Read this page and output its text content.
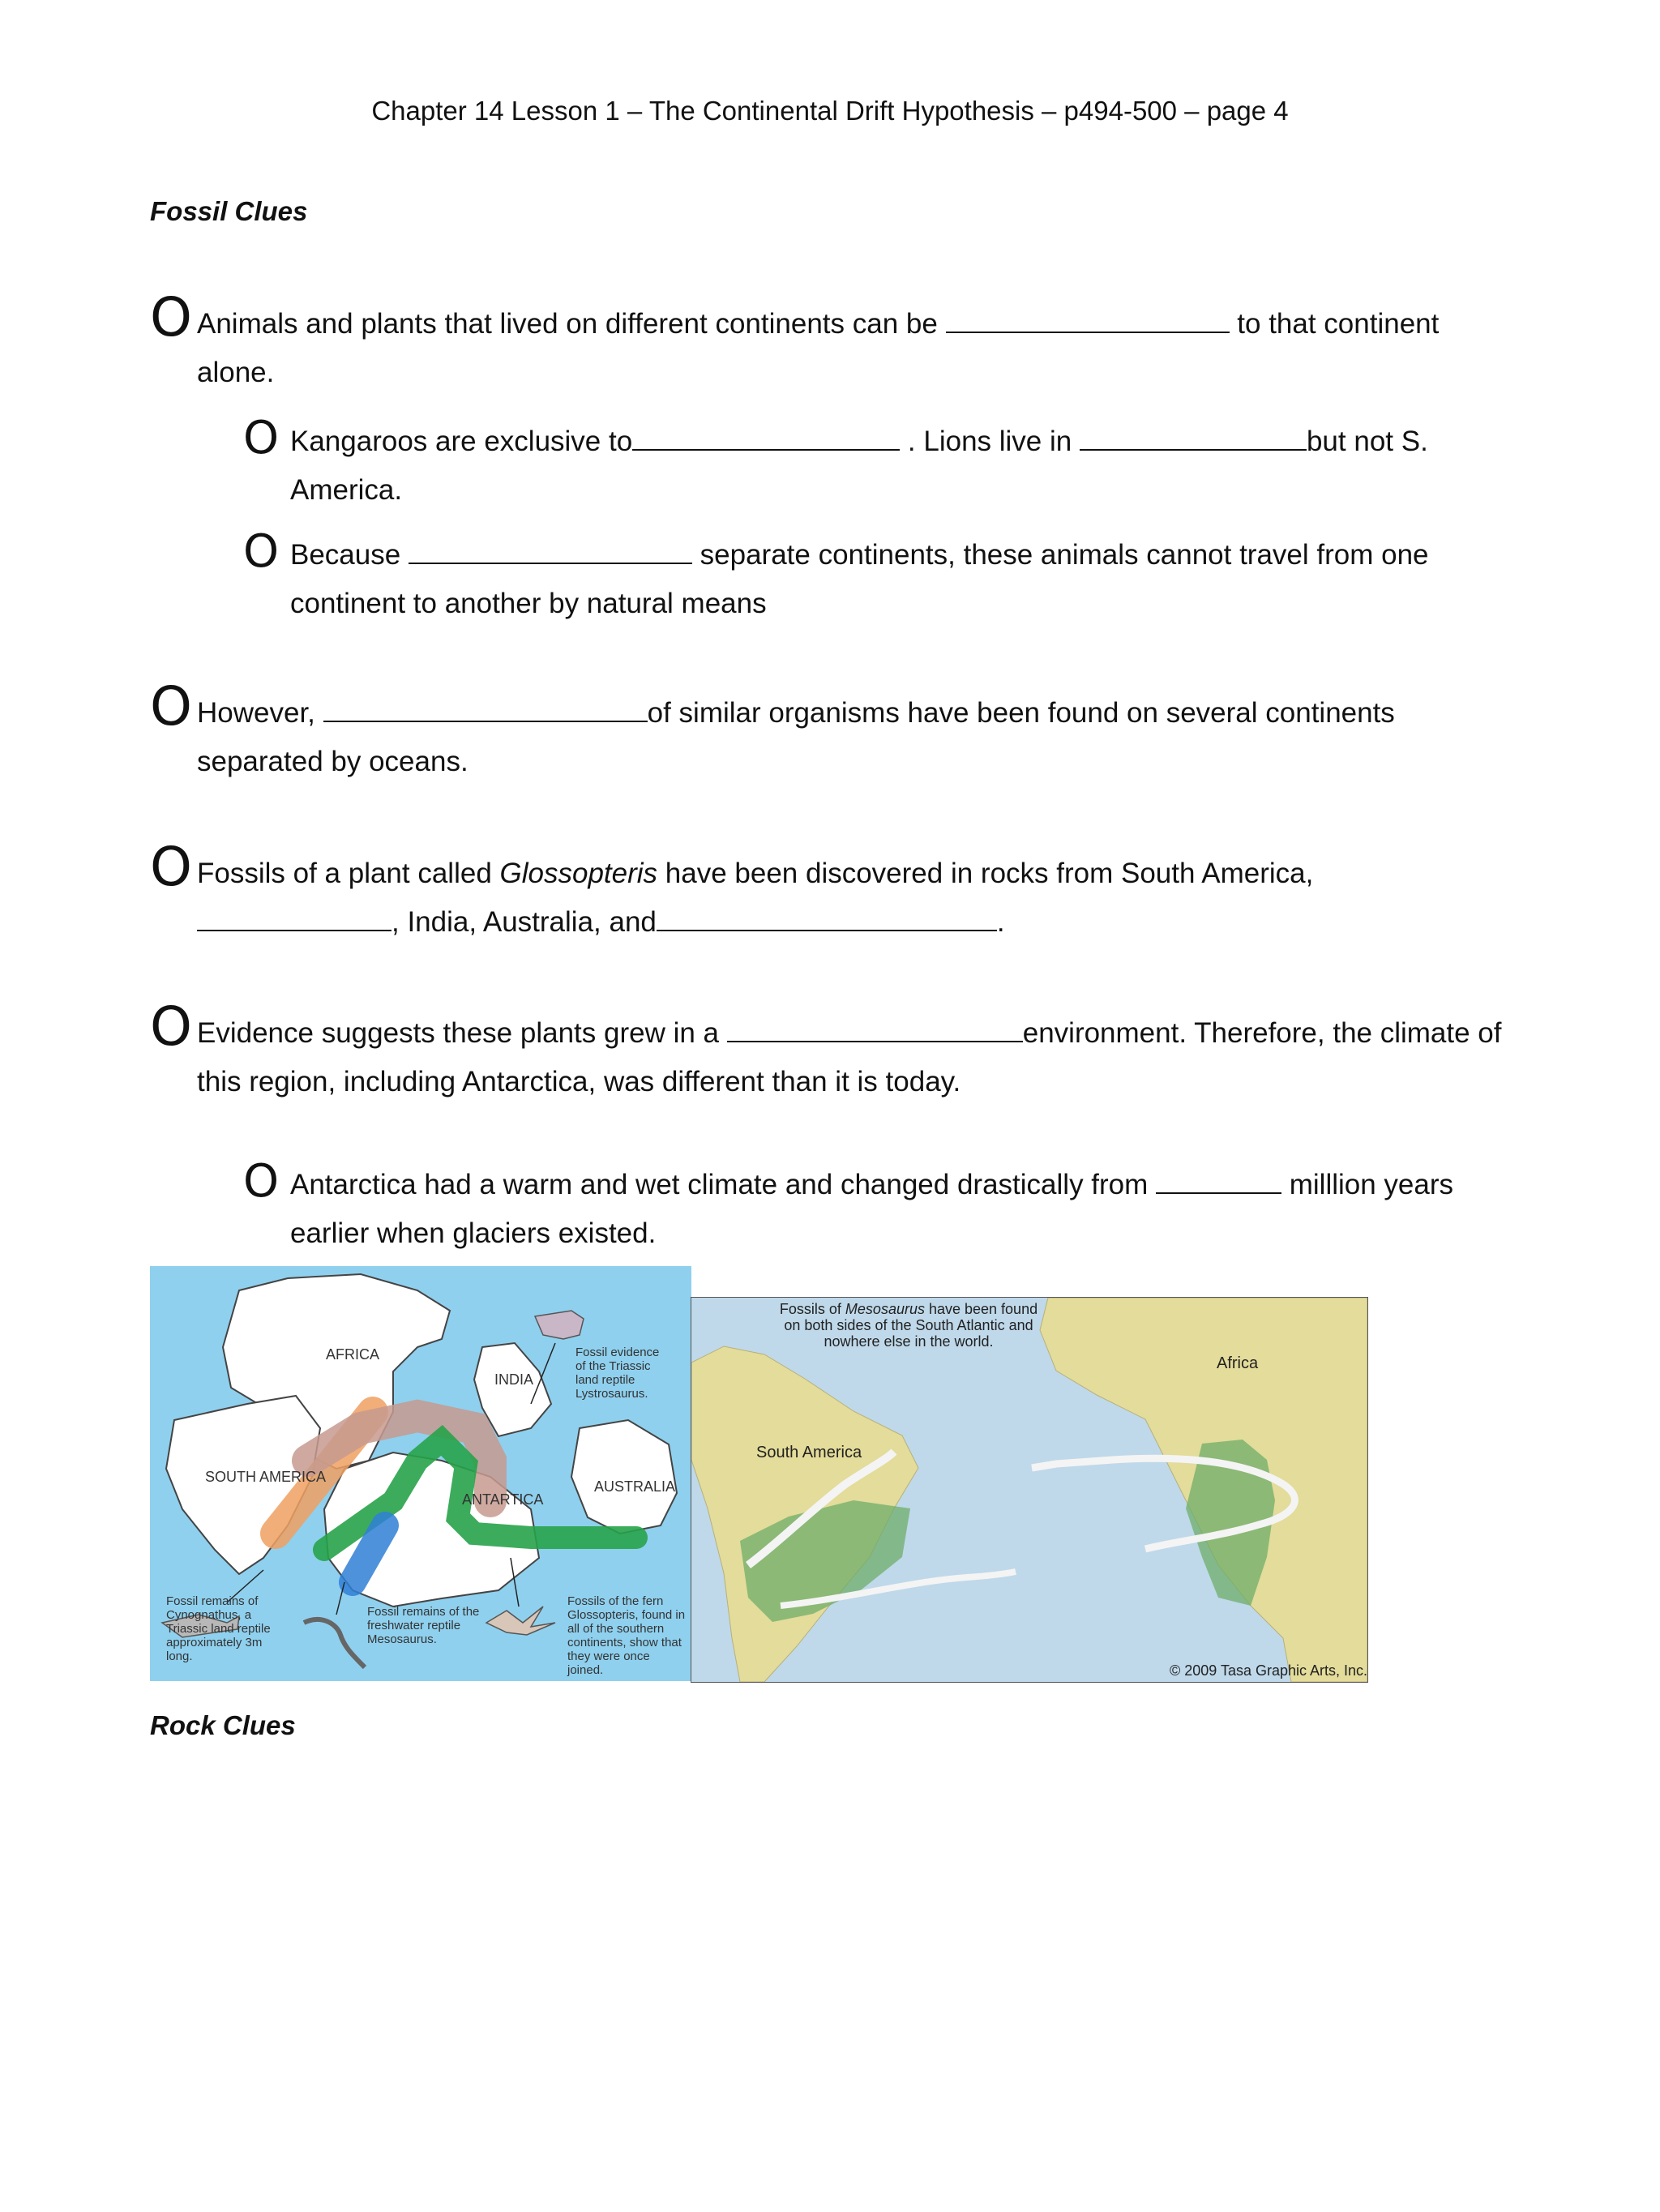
Chapter 14 Lesson 1 – The Continental Drift Hypothesis – p494-500 – page 4
Fossil Clues
O Animals and plants that lived on different continents can be	to that continent alone.
O Kangaroos are exclusive to	. Lions live in	but not S. America.
O Because	separate continents, these animals cannot travel from one continent to another by natural means
O However,	of similar organisms have been found on several continents separated by oceans.
O Fossils of a plant called Glossopteris have been discovered in rocks from South America, , India, Australia, and	.
O Evidence suggests these plants grew in a	environment. Therefore, the climate of this region, including Antarctica, was different than it is today.
O Antarctica had a warm and wet climate and changed drastically from	milllion years earlier when glaciers existed.
AFRICA
INDIA
SOUTH AMERICA
ANTARTICA
AUSTRALIA
Fossil evidence of the Triassic land reptile Lystrosaurus.
Fossil remains of Cynognathus, a Triassic land reptile approximately 3m long.
Fossil remains of the freshwater reptile Mesosaurus.
Fossils of the fern Glossopteris, found in all of the southern continents, show that they were once joined.
Fossils of Mesosaurus have been found on both sides of the South Atlantic and nowhere else in the world.
South America
Africa
© 2009 Tasa Graphic Arts, Inc.
Rock Clues
